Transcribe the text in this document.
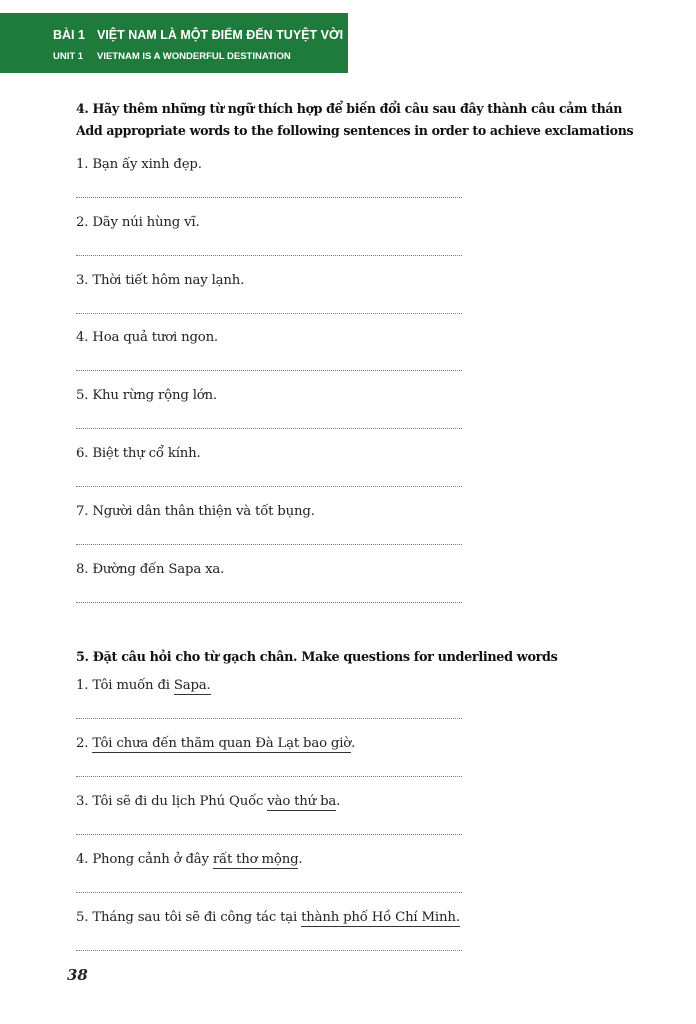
BÀI 1 VIỆT NAM LÀ MỘT ĐIỂM ĐẾN TUYỆT VỜI
UNIT 1	VIETNAM IS A WONDERFUL DESTINATION
4. Hãy thêm những từ ngữ thích hợp để biến đổi câu sau đây thành câu cảm thán
Add appropriate words to the following sentences in order to achieve exclamations
1. Bạn ấy xinh đẹp.
2. Dãy núi hùng vĩ.
3. Thời tiết hôm nay lạnh.
4. Hoa quả tươi ngon.
5. Khu rừng rộng lớn.
6. Biệt thự cổ kính.
7. Người dân thân thiện và tốt bụng.
8. Đường đến Sapa xa.
5. Đặt câu hỏi cho từ gạch chân. Make questions for underlined words
1. Tôi muốn đi Sapa.
2. Tôi chưa đến thăm quan Đà Lạt bao giờ.
3. Tôi sẽ đi du lịch Phú Quốc vào thứ ba.
4. Phong cảnh ở đây rất thơ mộng.
5. Tháng sau tôi sẽ đi công tác tại thành phố Hồ Chí Minh.
38
